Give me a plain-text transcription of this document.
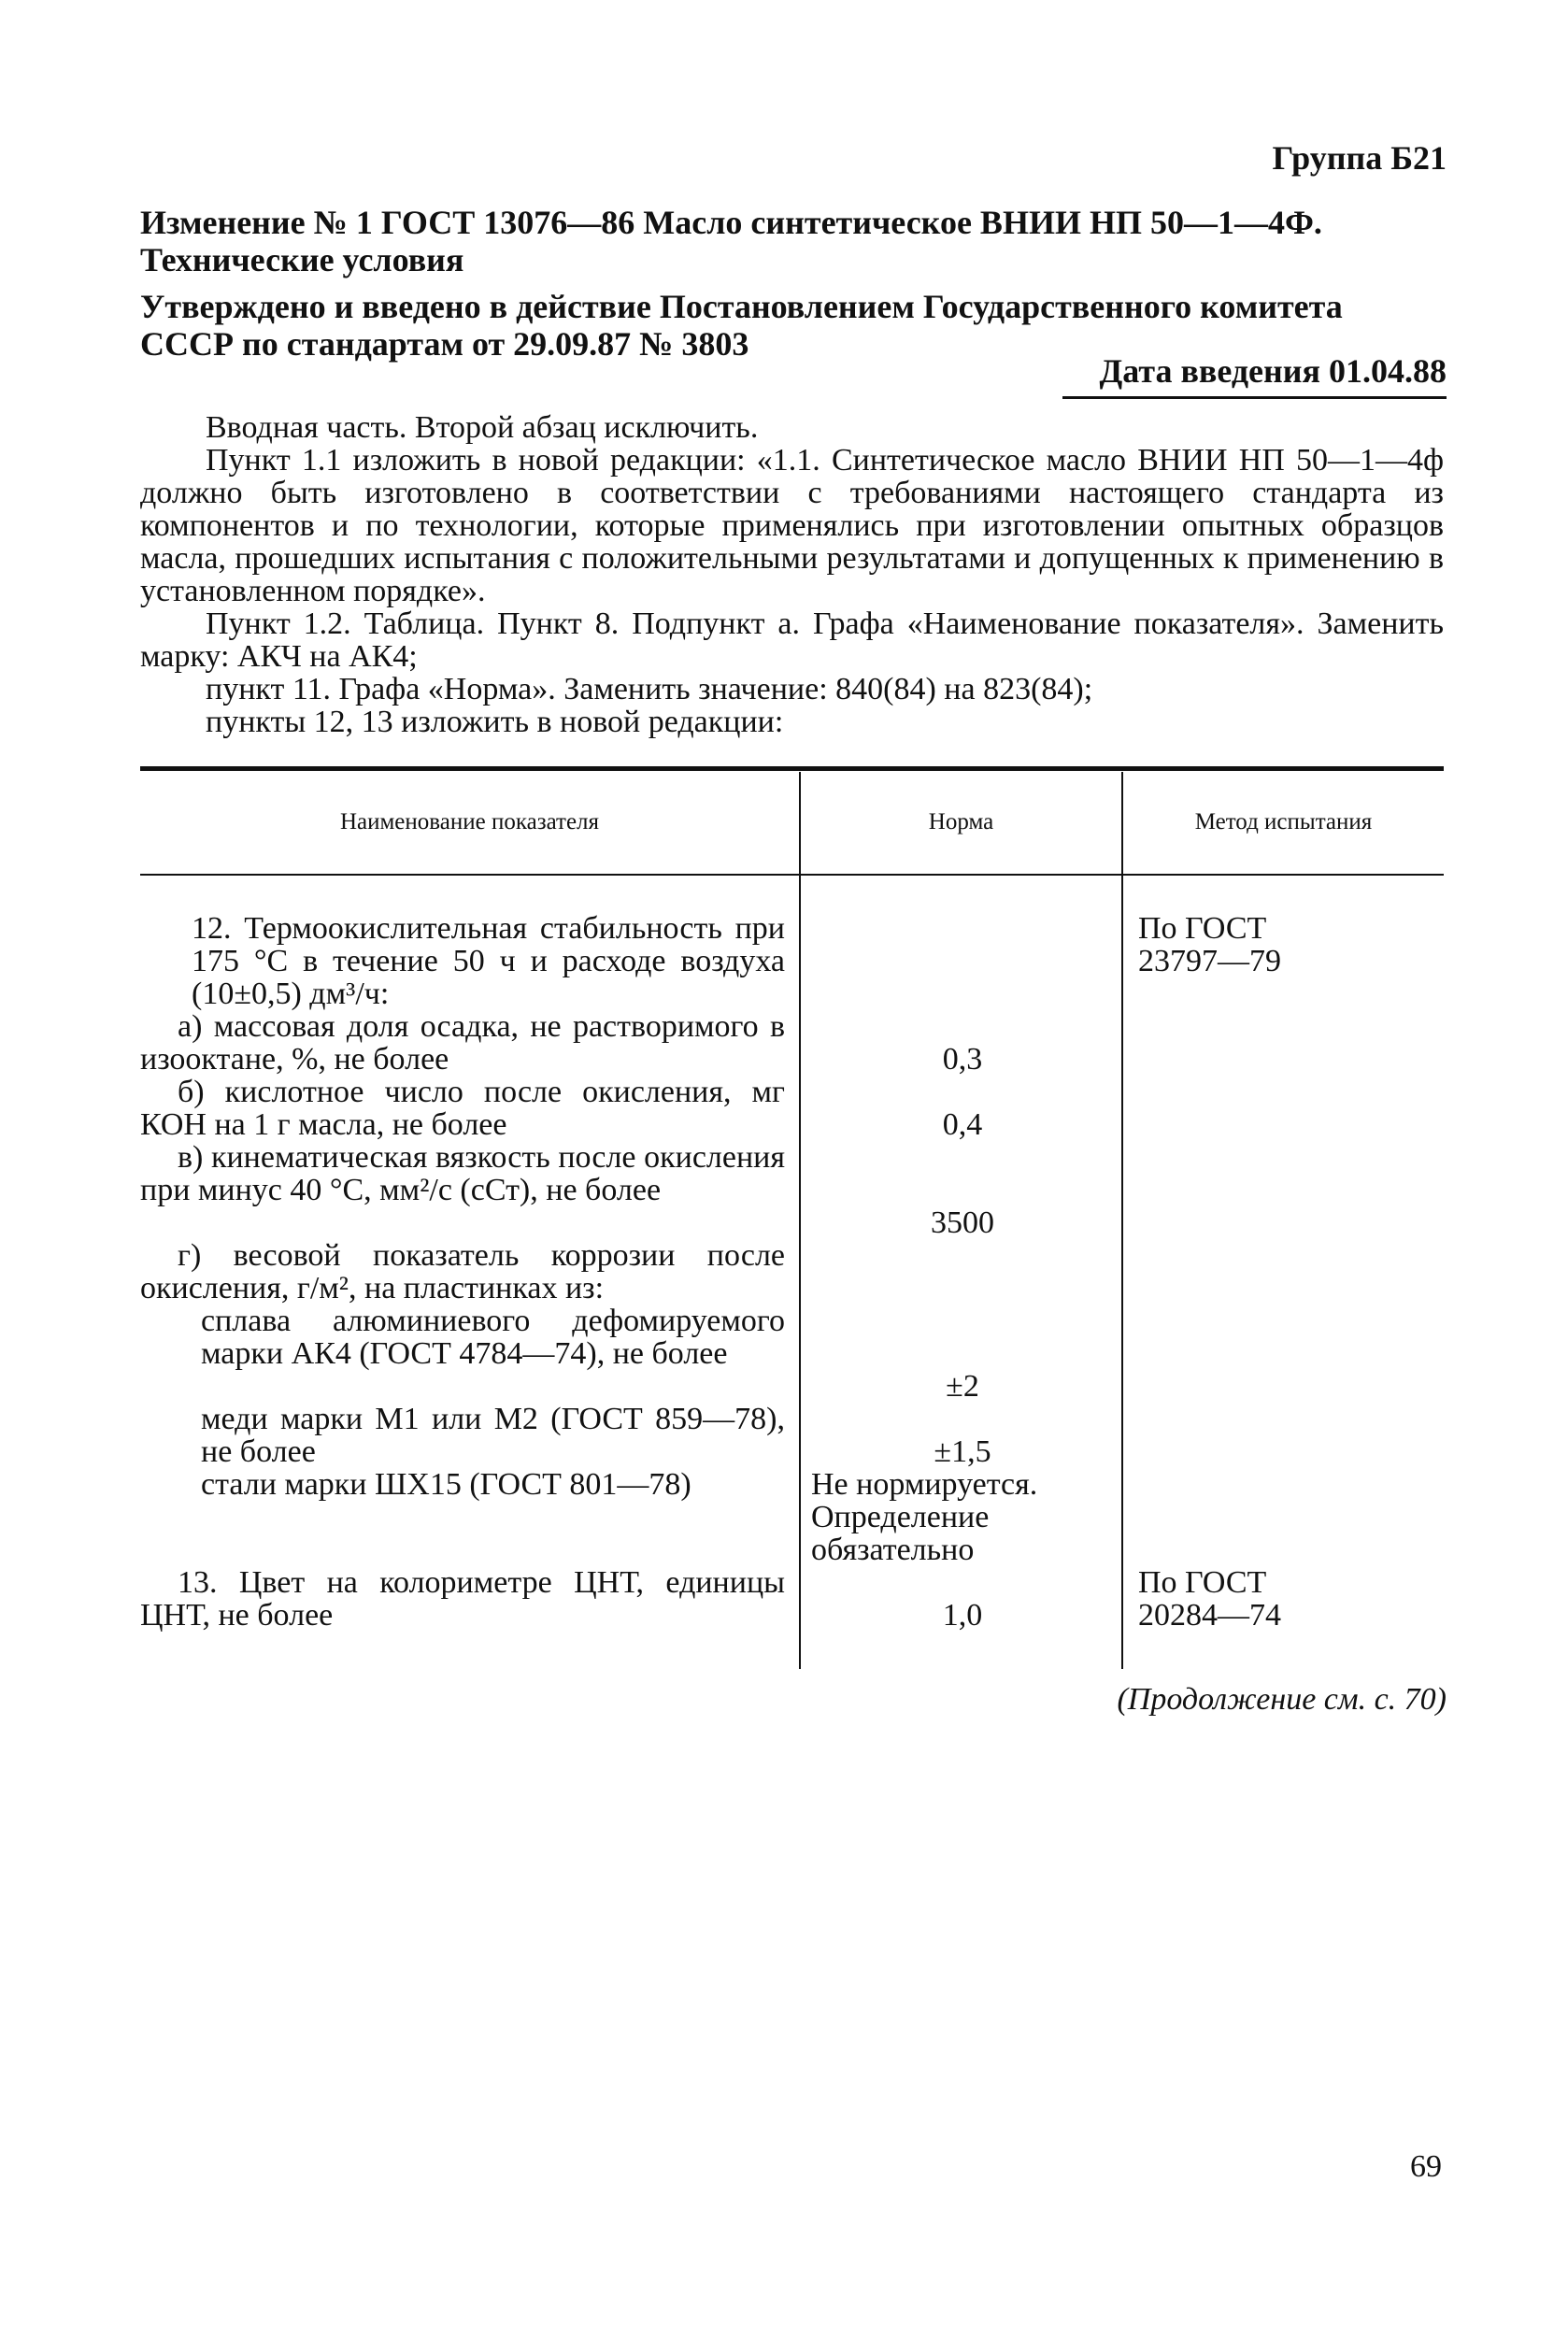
Группа Б21
Изменение № 1 ГОСТ 13076—86 Масло синтетическое ВНИИ НП 50—1—4Ф.
Технические условия
Утверждено и введено в действие Постановлением Государственного комитета
СССР по стандартам от 29.09.87 № 3803
Дата введения 01.04.88

Вводная часть. Второй абзац исключить.

Пункт 1.1 изложить в новой редакции: «1.1. Синтетическое масло ВНИИ НП 50—1—4ф должно быть изготовлено в соответствии с требованиями настоящего стандарта из компонентов и по технологии, которые применялись при изготовлении опытных образцов масла, прошедших испытания с положительными результатами и допущенных к применению в установленном порядке».

Пункт 1.2. Таблица. Пункт 8. Подпункт а. Графа «Наименование показателя». Заменить марку: АКЧ на АК4;

пункт 11. Графа «Норма». Заменить значение: 840(84) на 823(84);

пункты 12, 13 изложить в новой редакции:

Наименование показателя	Норма	Метод испытания
12. Термоокислительная стабильность при 175 °С в течение 50 ч и расходе воздуха (10±0,5) дм³/ч:
а) массовая доля осадка, не растворимого в изооктане, %, не более
б) кислотное число после окисления, мг КОН на 1 г масла, не более
в) кинематическая вязкость после окисления при минус 40 °С, мм²/с (сСт), не более
г) весовой показатель коррозии после окисления, г/м², на пластинках из:
сплава алюминиевого дефомируемого марки АК4 (ГОСТ 4784—74), не более
меди марки М1 или М2 (ГОСТ 859—78), не более
стали марки ШХ15 (ГОСТ 801—78)
13. Цвет на колориметре ЦНТ, единицы ЦНТ, не более
0,3
0,4
3500
±2
±1,5
Не нормируется. Определение обязательно
1,0
По ГОСТ 23797—79
По ГОСТ 20284—74
(Продолжение см. с. 70)
69
